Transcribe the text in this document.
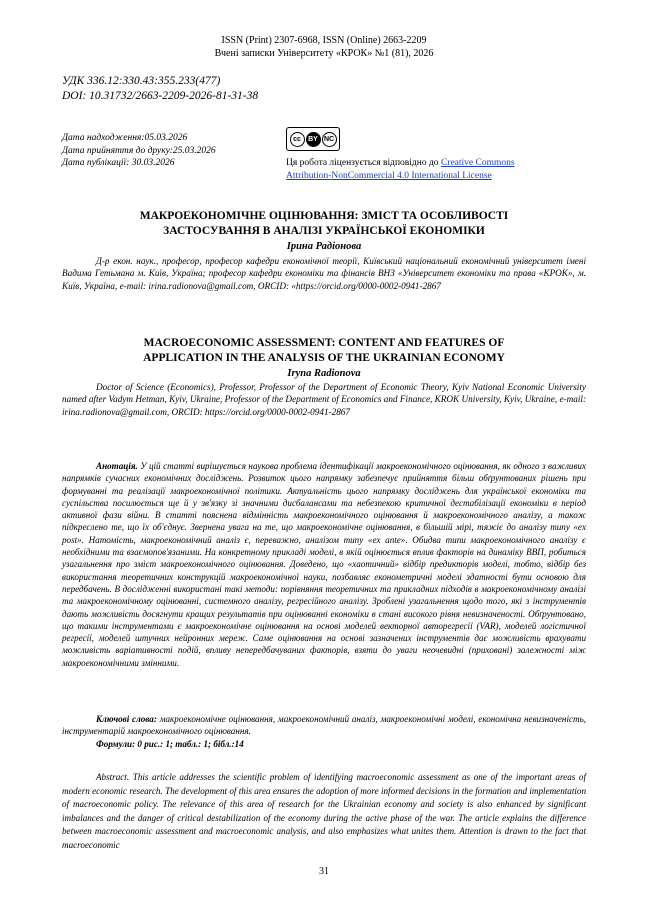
ISSN (Print) 2307-6968, ISSN (Online) 2663-2209
Вчені записки Університету «КРОК» №1 (81), 2026
УДК 336.12:330.43:355.233(477)
DOI: 10.31732/2663-2209-2026-81-31-38
Дата надходження:05.03.2026
Дата прийняття до друку:25.03.2026
Дата публікації: 30.03.2026
cc	BY NC
Ця робота ліцензується відповідно до Creative Commons
Attribution-NonCommercial 4.0 International License
МАКРОЕКОНОМІЧНЕ ОЦІНЮВАННЯ: ЗМІСТ ТА ОСОБЛИВОСТІ
ЗАСТОСУВАННЯ В АНАЛІЗІ УКРАЇНСЬКОЇ ЕКОНОМІКИ
Ірина Радіонова
Д-р екон. наук., професор, професор кафедри економічної теорії, Київський національний економічний університет імені Вадима Гетьмана м. Київ, Україна; професор кафедри економіки та фінансів ВНЗ «Університет економіки та права «КРОК», м. Київ, Україна, e-mail: irina.radionova@gmail.com, ORCID: «https://orcid.org/0000-0002-0941-2867
MACROECONOMIC ASSESSMENT: CONTENT AND FEATURES OF
APPLICATION IN THE ANALYSIS OF THE UKRAINIAN ECONOMY
Iryna Radionova
Doctor of Science (Economics), Professor, Professor of the Department of Economic Theory, Kyiv National Economic University named after Vadym Hetman, Kyiv, Ukraine, Professor of the Department of Economics and Finance, KROK University, Kyiv, Ukraine, e-mail: irina.radionova@gmail.com, ORCID: https://orcid.org/0000-0002-0941-2867
Анотація. У цій статті вирішується наукова проблема ідентифікації макроекономічного оцінювання, як одного з важливих напрямків сучасних економічних досліджень. Розвиток цього напрямку забезпечує прийняття більш обґрунтованих рішень при формуванні та реалізації макроекономічної політики. Актуальність цього напрямку досліджень для української економіки та суспільства посилюється ще й у зв'язку зі значними дисбалансами та небезпекою критичної дестабілізації економіки в період активної фази війни. В статті пояснена відмінність макроекономічного оцінювання й макроекономічного аналізу, а також підкреслено те, що їх об'єднує. Звернена увага на те, що макроекономічне оцінювання, в більшій мірі, тяжіє до аналізу типу «ex post». Натомість, макроекономічний аналіз є, переважно, аналізом типу «ex ante». Обидва типи макроекономічного аналізу є необхідними та взаємопов'язаними. На конкретному прикладі моделі, в якій оцінюється вплив факторів на динаміку ВВП, робиться узагальнення про зміст макроекономічного оцінювання. Доведено, що «хаотичний» відбір предикторів моделі, тобто, відбір без використання теоретичних конструкцій макроекономічної науки, позбавляє економетричні моделі здатності бути основою для передбачень. В дослідженні використані такі методи: порівняння теоретичних та прикладних підходів в макроекономічному аналізі та макроекономічному оцінюванні, системного аналізу, регресійного аналізу. Зроблені узагальнення щодо того, які з інструментів дають можливість досягнути кращих результатів при оцінюванні економіки в стані високого рівня невизначеності. Обґрунтовано, що такими інструментами є макроекономічне оцінювання на основі моделей векторної авторегресії (VAR), моделей логістичної регресії, моделей штучних нейронних мереж. Саме оцінювання на основі зазначених інструментів дає можливість врахувати можливість варіативності подій, впливу непередбачуваних факторів, взяти до уваги неочевидні (приховані) залежності між макроекономічними змінними.
Ключові слова: макроекономічне оцінювання, макроекономічний аналіз, макроекономічні моделі, економічна невизначеність, інструментарій макроекономічного оцінювання.
Формули: 0 рис.: 1; табл.: 1; бібл.:14
Abstract. This article addresses the scientific problem of identifying macroeconomic assessment as one of the important areas of modern economic research. The development of this area ensures the adoption of more informed decisions in the formation and implementation of macroeconomic policy. The relevance of this area of research for the Ukrainian economy and society is also enhanced by significant imbalances and the danger of critical destabilization of the economy during the active phase of the war. The article explains the difference between macroeconomic assessment and macroeconomic analysis, and also emphasizes what unites them. Attention is drawn to the fact that macroeconomic
31
